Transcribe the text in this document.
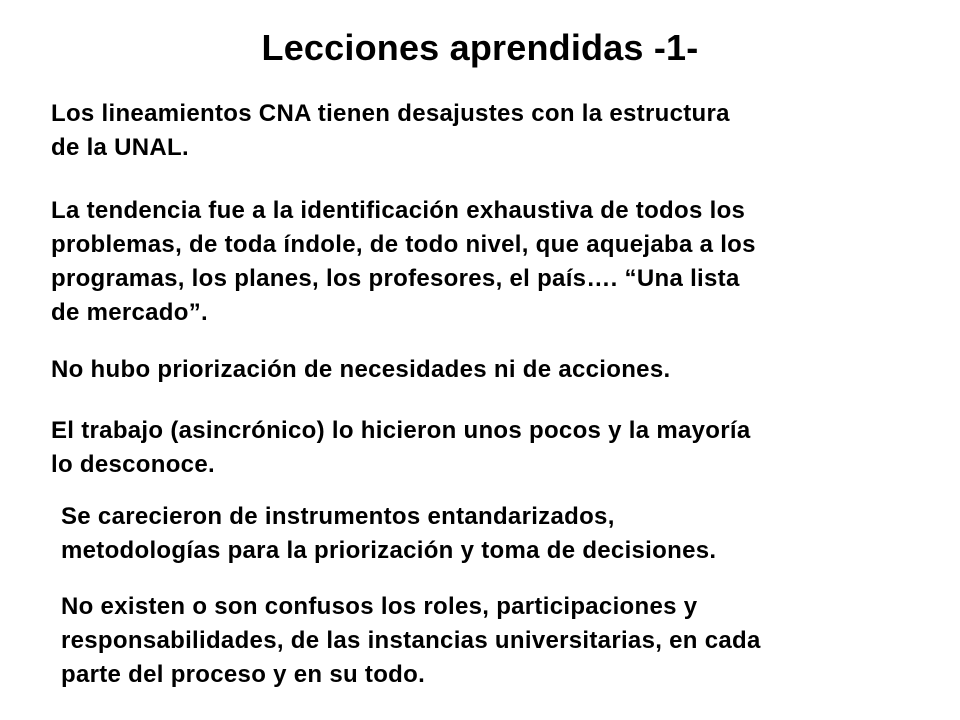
Lecciones aprendidas -1-

Los lineamientos CNA tienen desajustes con la estructura
de la UNAL.

La tendencia fue a la identificación exhaustiva de todos los
problemas, de toda índole, de todo nivel, que aquejaba a los
programas, los planes, los profesores, el país…. “Una lista
de mercado”.

No hubo priorización de necesidades ni de acciones.

El trabajo (asincrónico) lo hicieron unos pocos y la mayoría
lo desconoce.

Se carecieron de instrumentos entandarizados,
metodologías para la priorización y toma de decisiones.

No existen o son confusos los roles, participaciones y
responsabilidades, de las instancias universitarias, en cada
parte del proceso y en su todo.
